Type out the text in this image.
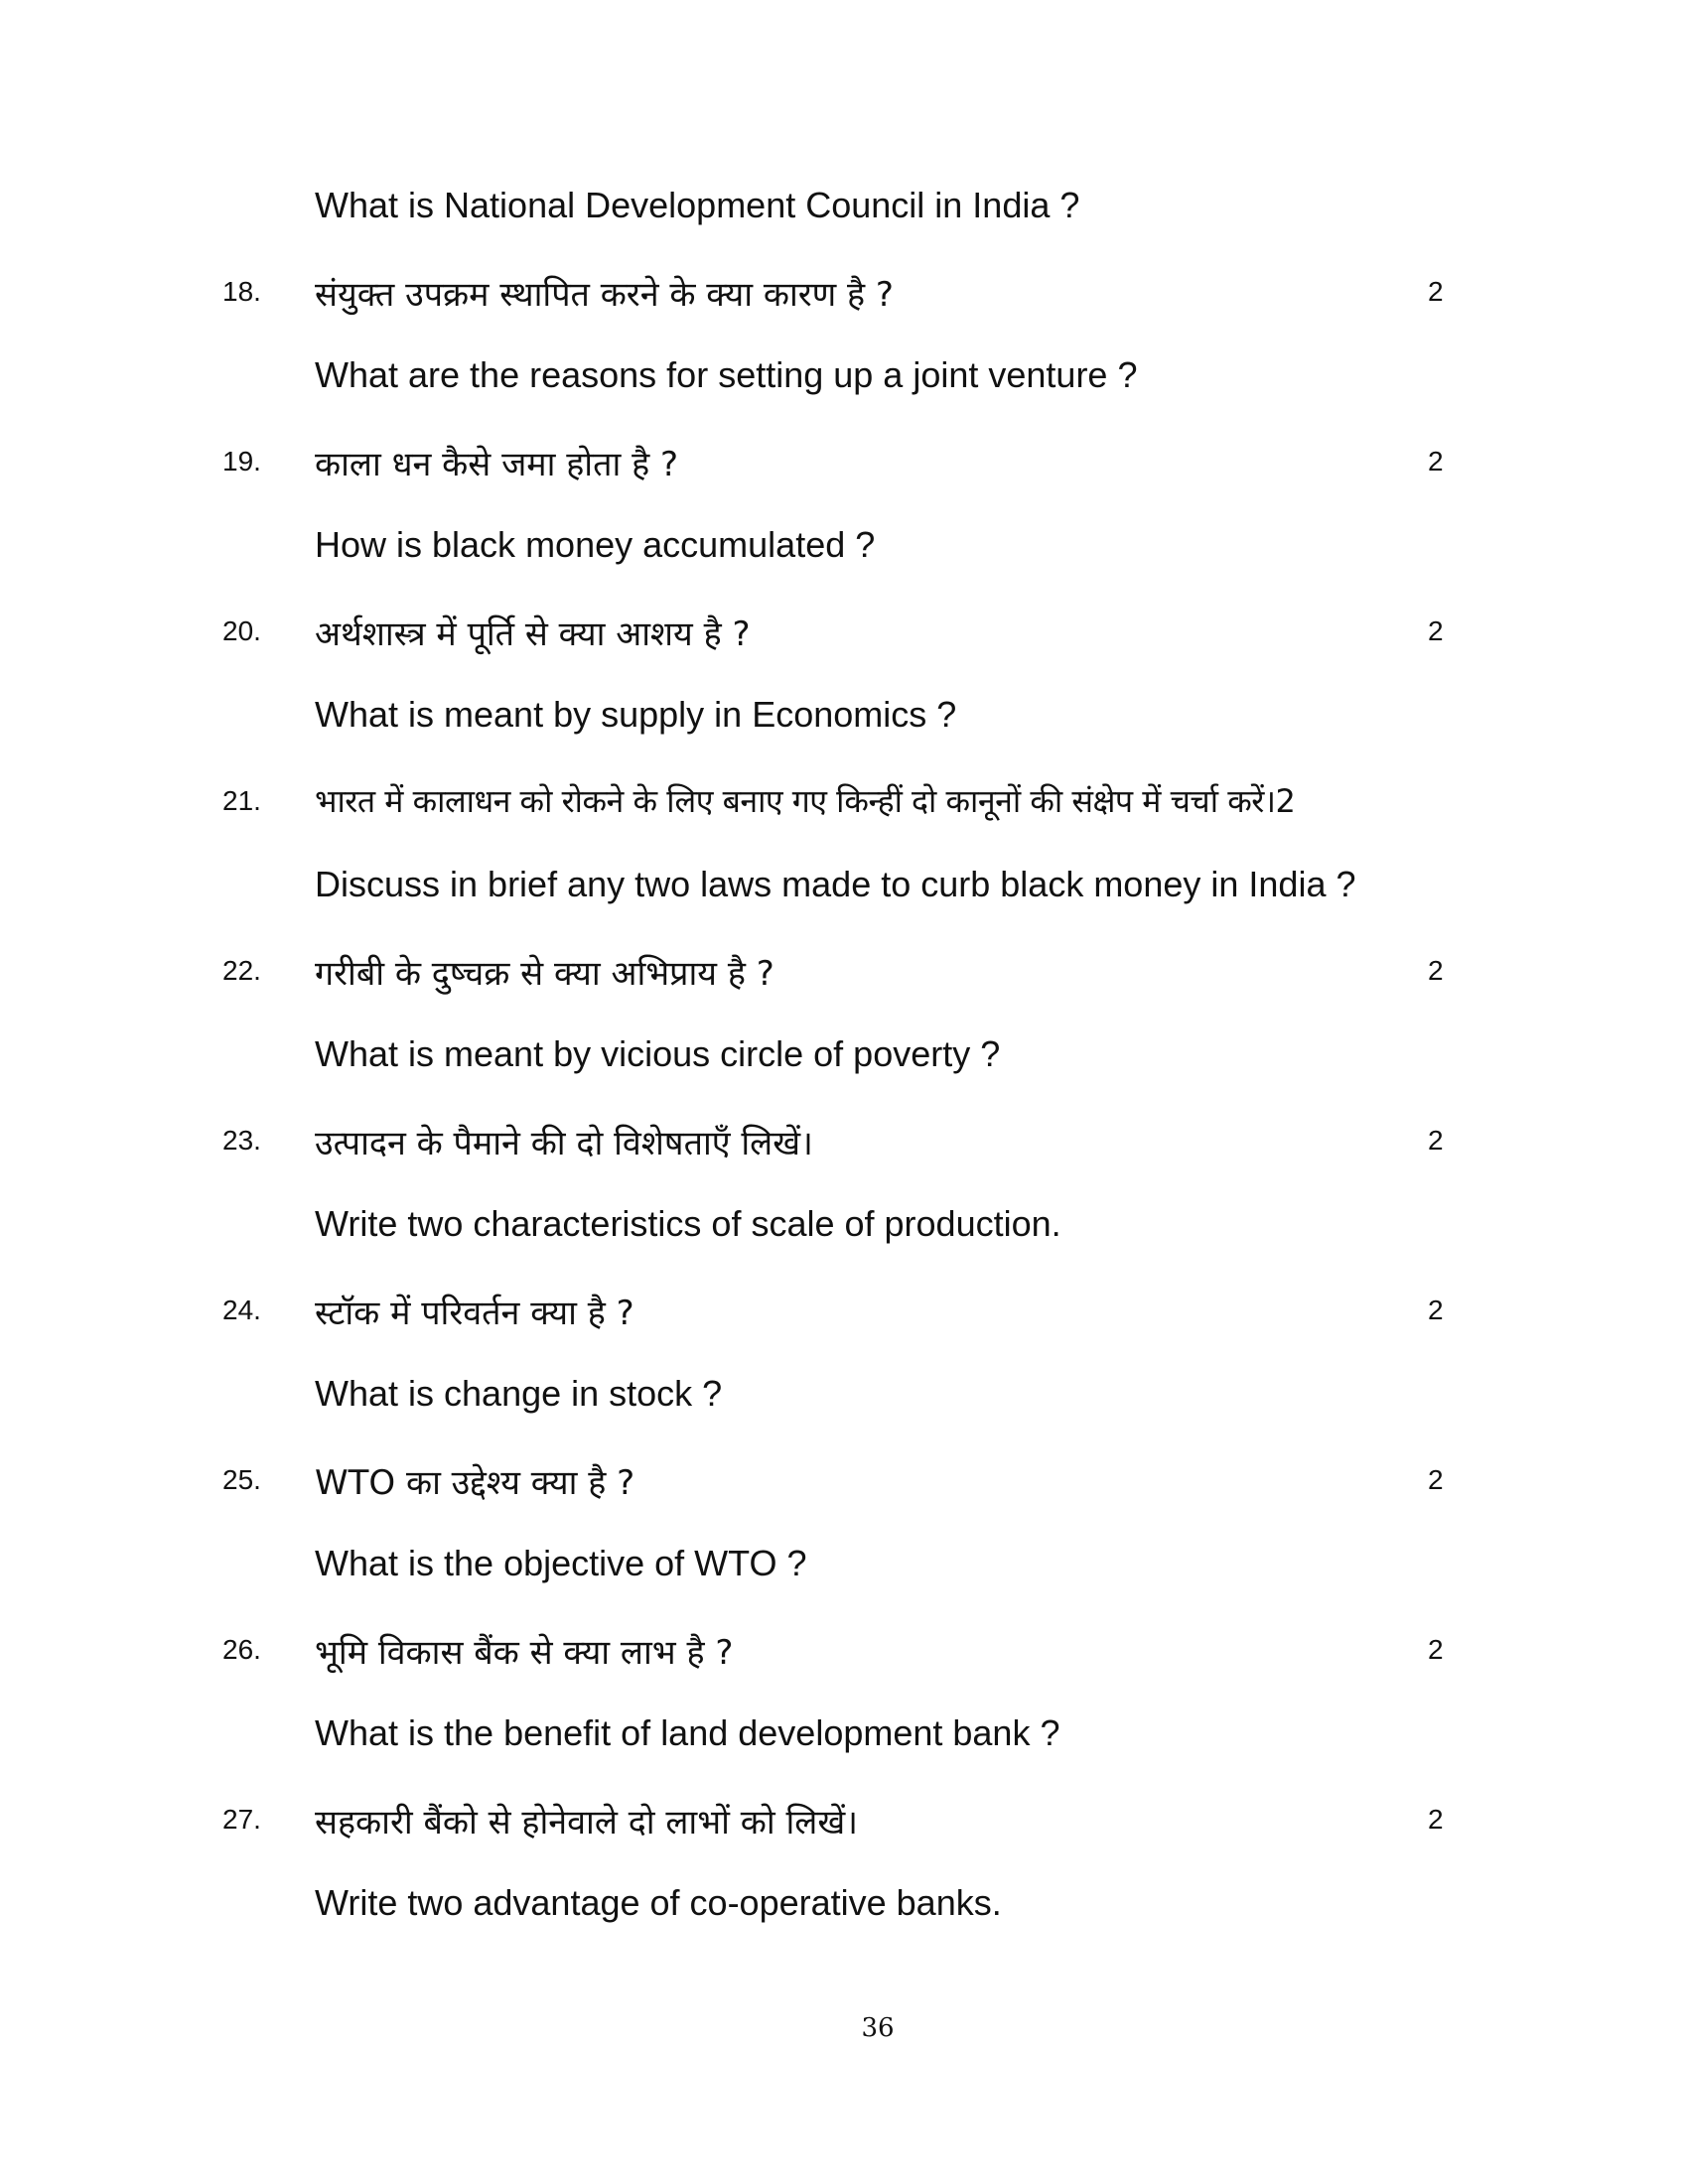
What is National Development Council in India ?
18. संयुक्त उपक्रम स्थापित करने के क्या कारण है ?	2
What are the reasons for setting up a joint venture ?
19. काला धन कैसे जमा होता है ?	2
How is black money accumulated ?
20. अर्थशास्त्र में पूर्ति से क्या आशय है ?	2
What is meant by supply in Economics ?
21. भारत में कालाधन को रोकने के लिए बनाए गए किन्हीं दो कानूनों की संक्षेप में चर्चा करें।2
Discuss in brief any two laws made to curb black money in India ?
22. गरीबी के दुष्चक्र से क्या अभिप्राय है ?	2
What is meant by vicious circle of poverty ?
23. उत्पादन के पैमाने की दो विशेषताएँ लिखें।	2
Write two characteristics of scale of production.
24. स्टॉक में परिवर्तन क्या है ?	2
What is change in stock ?
25. WTO का उद्देश्य क्या है ?	2
What is the objective of WTO ?
26. भूमि विकास बैंक से क्या लाभ है ?	2
What is the benefit of land development bank ?
27. सहकारी बैंको से होनेवाले दो लाभों को लिखें।	2
Write two advantage of co-operative banks.
36
